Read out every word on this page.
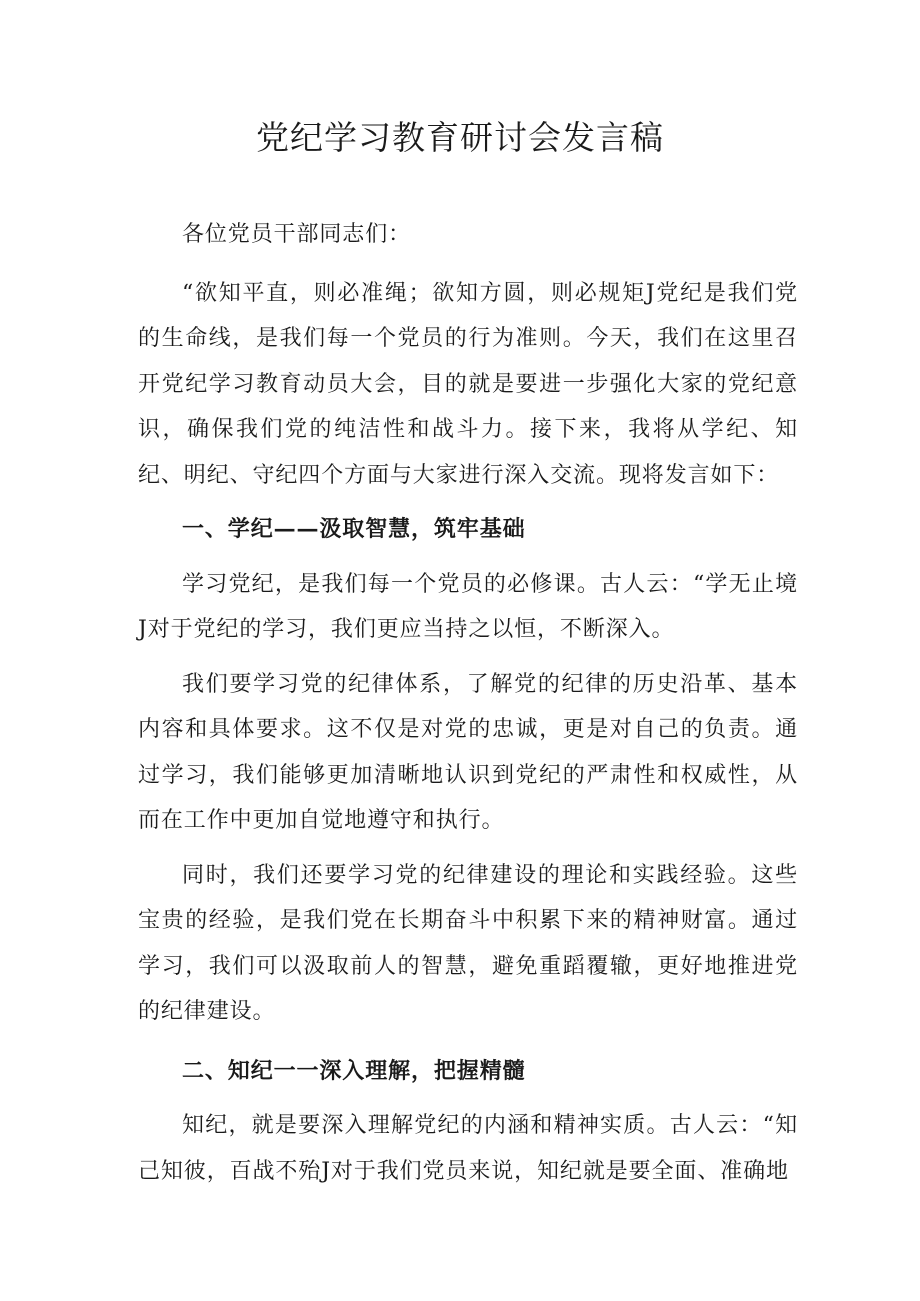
党纪学习教育研讨会发言稿

各位党员干部同志们：

“欲知平直，则必准绳；欲知方圆，则必规矩J党纪是我们党的生命线，是我们每一个党员的行为准则。今天，我们在这里召开党纪学习教育动员大会，目的就是要进一步强化大家的党纪意识，确保我们党的纯洁性和战斗力。接下来，我将从学纪、知纪、明纪、守纪四个方面与大家进行深入交流。现将发言如下：

一、学纪——汲取智慧，筑牢基础

学习党纪，是我们每一个党员的必修课。古人云：“学无止境J对于党纪的学习，我们更应当持之以恒，不断深入。

我们要学习党的纪律体系，了解党的纪律的历史沿革、基本内容和具体要求。这不仅是对党的忠诚，更是对自己的负责。通过学习，我们能够更加清晰地认识到党纪的严肃性和权威性，从而在工作中更加自觉地遵守和执行。

同时，我们还要学习党的纪律建设的理论和实践经验。这些宝贵的经验，是我们党在长期奋斗中积累下来的精神财富。通过学习，我们可以汲取前人的智慧，避免重蹈覆辙，更好地推进党的纪律建设。

二、知纪一一深入理解，把握精髓

知纪，就是要深入理解党纪的内涵和精神实质。古人云：“知己知彼，百战不殆J对于我们党员来说，知纪就是要全面、准确地
